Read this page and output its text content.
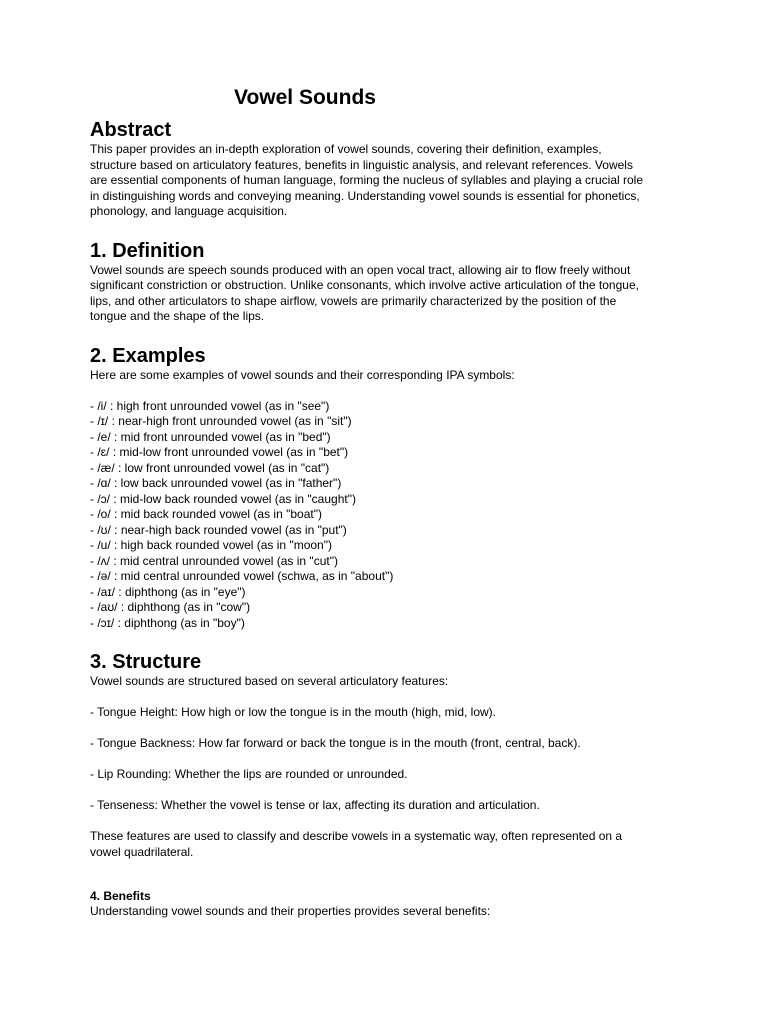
Vowel Sounds
Abstract
This paper provides an in-depth exploration of vowel sounds, covering their definition, examples,
structure based on articulatory features, benefits in linguistic analysis, and relevant references. Vowels
are essential components of human language, forming the nucleus of syllables and playing a crucial role
in distinguishing words and conveying meaning. Understanding vowel sounds is essential for phonetics,
phonology, and language acquisition.
1. Definition
Vowel sounds are speech sounds produced with an open vocal tract, allowing air to flow freely without
significant constriction or obstruction. Unlike consonants, which involve active articulation of the tongue,
lips, and other articulators to shape airflow, vowels are primarily characterized by the position of the
tongue and the shape of the lips.
2. Examples

Here are some examples of vowel sounds and their corresponding IPA symbols:

- /i/ : high front unrounded vowel (as in "see")
- /ɪ/ : near-high front unrounded vowel (as in "sit")
- /e/ : mid front unrounded vowel (as in "bed")
- /ɛ/ : mid-low front unrounded vowel (as in "bet")
- /æ/ : low front unrounded vowel (as in "cat")
- /ɑ/ : low back unrounded vowel (as in "father")
- /ɔ/ : mid-low back rounded vowel (as in "caught")
- /o/ : mid back rounded vowel (as in "boat")
- /ʊ/ : near-high back rounded vowel (as in "put")
- /u/ : high back rounded vowel (as in "moon")
- /ʌ/ : mid central unrounded vowel (as in "cut")
- /ə/ : mid central unrounded vowel (schwa, as in "about")
- /aɪ/ : diphthong (as in "eye")
- /aʊ/ : diphthong (as in "cow")
- /ɔɪ/ : diphthong (as in "boy")
3. Structure

Vowel sounds are structured based on several articulatory features:

- Tongue Height: How high or low the tongue is in the mouth (high, mid, low).

- Tongue Backness: How far forward or back the tongue is in the mouth (front, central, back).

- Lip Rounding: Whether the lips are rounded or unrounded.

- Tenseness: Whether the vowel is tense or lax, affecting its duration and articulation.

These features are used to classify and describe vowels in a systematic way, often represented on a
vowel quadrilateral.
4. Benefits

Understanding vowel sounds and their properties provides several benefits:
